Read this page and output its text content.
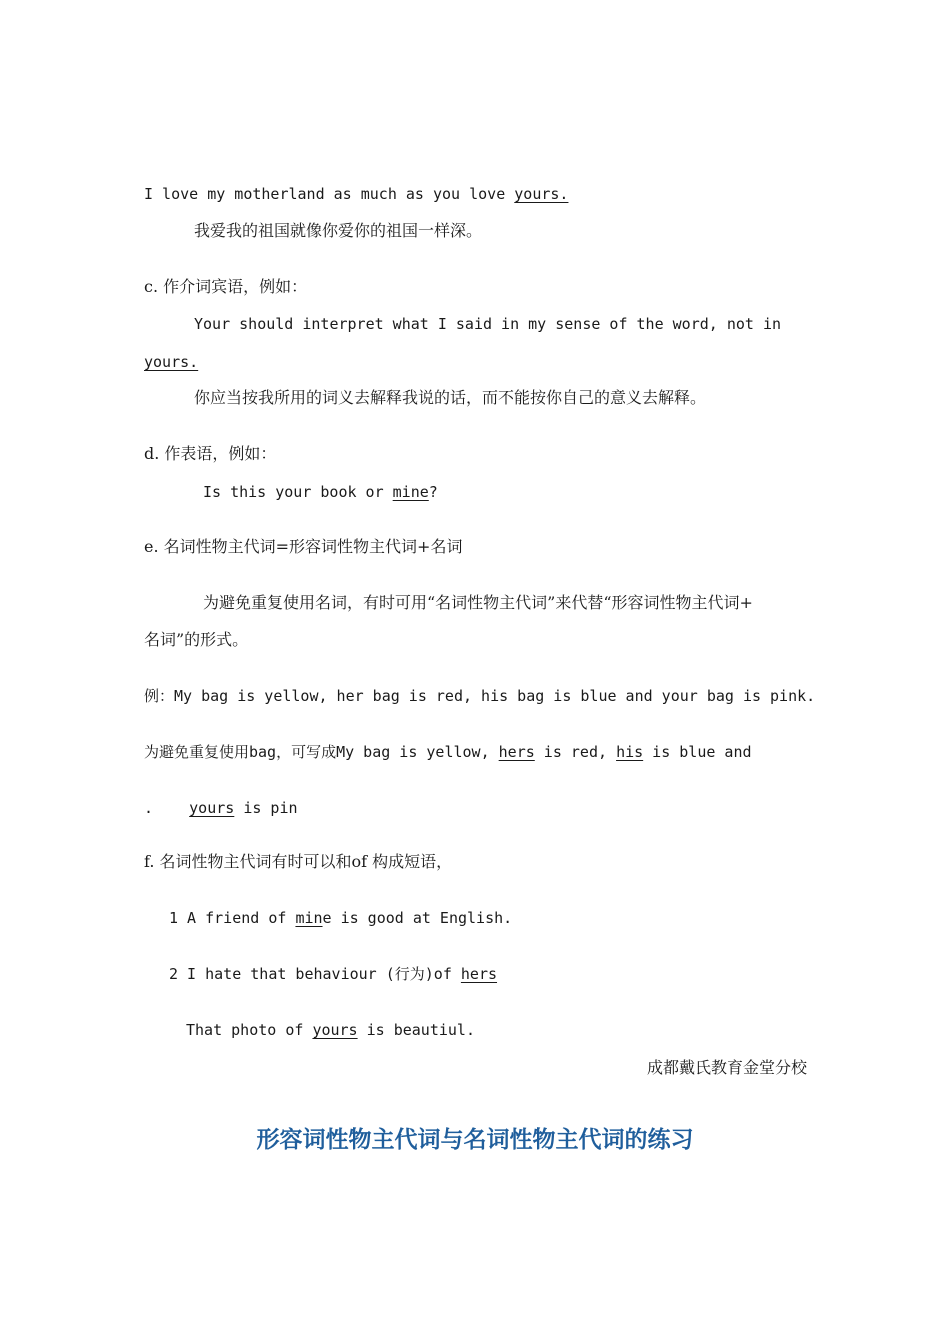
I love my motherland as much as you love yours.
我爱我的祖国就像你爱你的祖国一样深。
c. 作介词宾语，例如：
Your should interpret what I said in my sense of the word, not in
yours.
你应当按我所用的词义去解释我说的话，而不能按你自己的意义去解释。
d. 作表语，例如：
Is this your book or mine?
e. 名词性物主代词=形容词性物主代词+名词
为避免重复使用名词，有时可用“名词性物主代词”来代替“形容词性物主代词+
名词”的形式。
例：My bag is yellow, her bag is red, his bag is blue and your bag is pink.
为避免重复使用bag，可写成My bag is yellow, hers is red, his is blue and
.    yours is pin
f. 名词性物主代词有时可以和of 构成短语，
1 A friend of mine is good at English.
2 I hate that behaviour (行为)of hers
That photo of yours is beautiul.
成都戴氏教育金堂分校
形容词性物主代词与名词性物主代词的练习
